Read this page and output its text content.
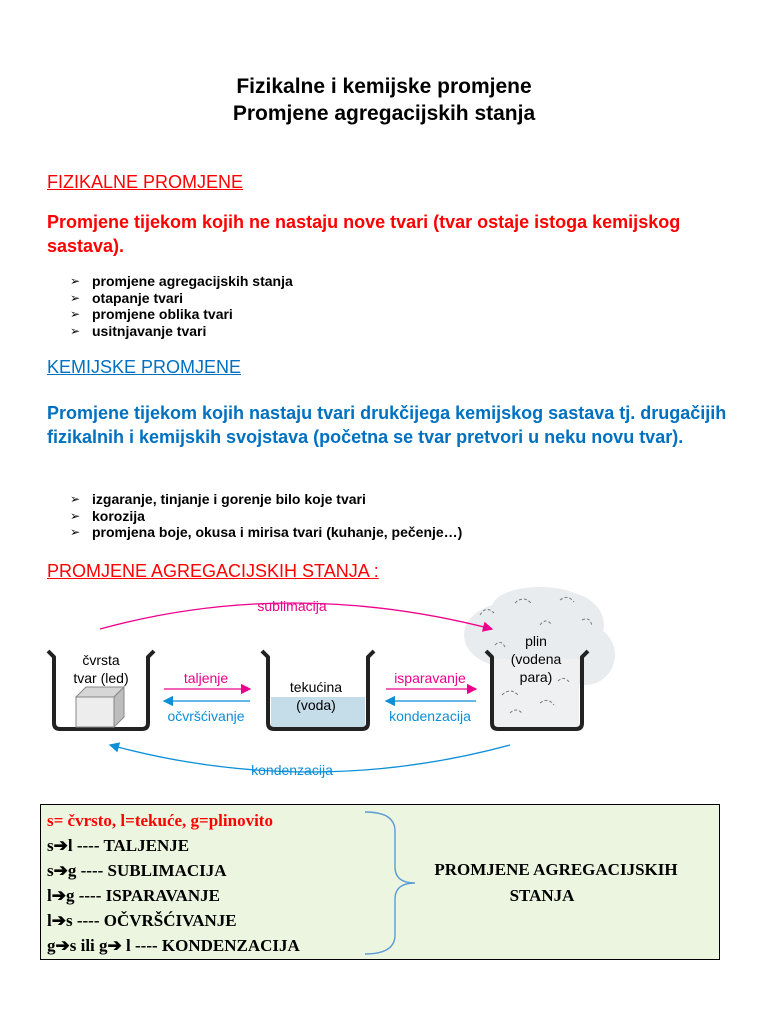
Fizikalne i kemijske promjene
Promjene agregacijskih stanja
FIZIKALNE PROMJENE
Promjene tijekom kojih ne nastaju nove tvari (tvar ostaje istoga kemijskog sastava).
➢ promjene agregacijskih stanja
➢ otapanje tvari
➢ promjene oblika tvari
➢ usitnjavanje tvari
KEMIJSKE PROMJENE
Promjene tijekom kojih nastaju tvari drukčijega kemijskog sastava tj. drugačijih fizikalnih i kemijskih svojstava (početna se tvar pretvori u neku novu tvar).
➢ izgaranje, tinjanje i gorenje bilo koje tvari
➢ korozija
➢ promjena boje, okusa i mirisa tvari (kuhanje, pečenje…)
PROMJENE AGREGACIJSKIH STANJA :
sublimacija
taljenje
očvršćivanje
isparavanje
kondenzacija
kondenzacija
čvrsta
tvar (led)
tekućina
(voda)
plin
(vodena
para)
s= čvrsto, l=tekuće, g=plinovito
s➔l ---- TALJENJE
s➔g ---- SUBLIMACIJA
l➔g ---- ISPARAVANJE
l➔s ---- OČVRŠĆIVANJE
g➔s ili g➔ l ---- KONDENZACIJA
PROMJENE AGREGACIJSKIH
STANJA
